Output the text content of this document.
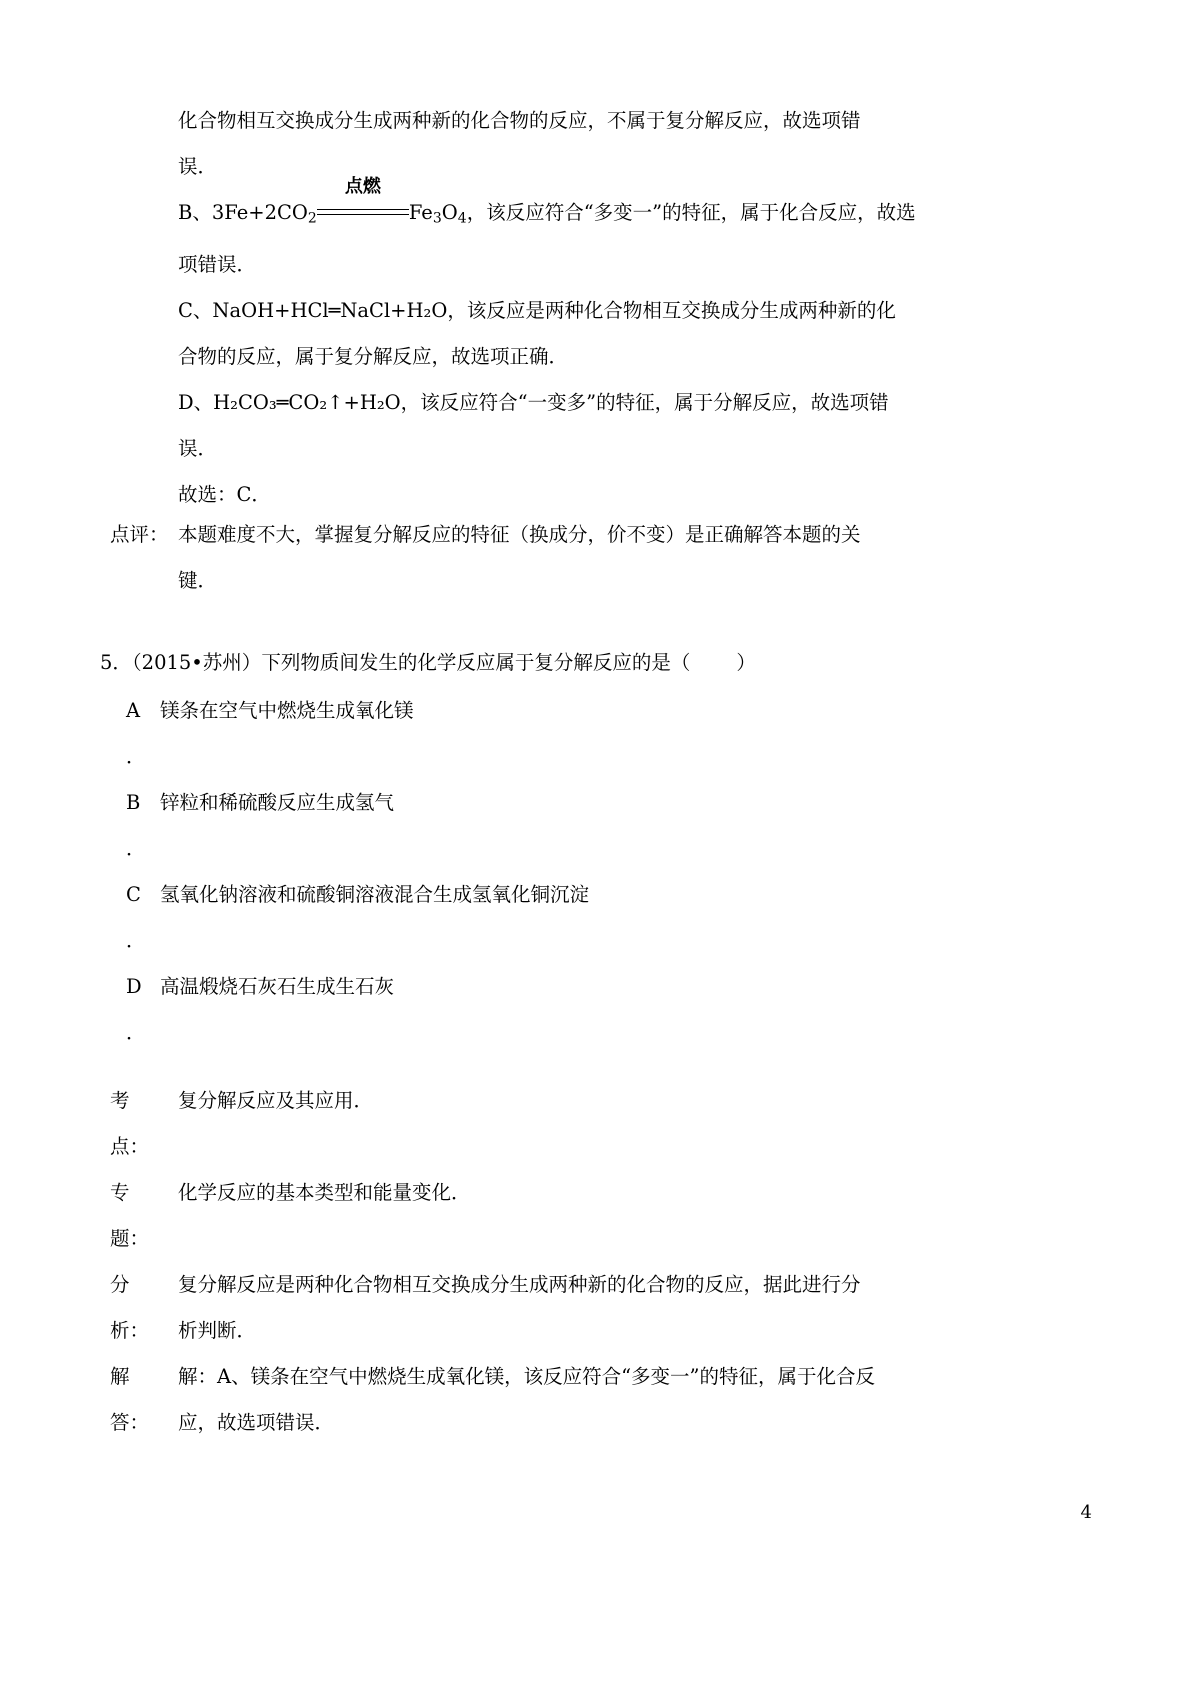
化合物相互交换成分生成两种新的化合物的反应，不属于复分解反应，故选项错

误．

B、$3Fe+2CO_2$
点燃
$Fe_3O_4$，该反应符合“多变一”的特征，属于化合反应，故选

项错误．

C、NaOH+HCl═NaCl+H₂O，该反应是两种化合物相互交换成分生成两种新的化

合物的反应，属于复分解反应，故选项正确．

D、H₂CO₃═CO₂↑+H₂O，该反应符合“一变多”的特征，属于分解反应，故选项错

误．

故选：C．

点评： 本题难度不大，掌握复分解反应的特征（换成分，价不变）是正确解答本题的关
键．
5．（2015•苏州）下列物质间发生的化学反应属于复分解反应的是（ ）

A 镁条在空气中燃烧生成氧化镁

．

B 锌粒和稀硫酸反应生成氢气

．

C 氢氧化钠溶液和硫酸铜溶液混合生成氢氧化铜沉淀

．

D 高温煅烧石灰石生成生石灰

．

考	复分解反应及其应用．
点：

专	化学反应的基本类型和能量变化．
题：

分	复分解反应是两种化合物相互交换成分生成两种新的化合物的反应，据此进行分
析：	析判断．
解	解：A、镁条在空气中燃烧生成氧化镁，该反应符合“多变一”的特征，属于化合反
答：	应，故选项错误．
4
